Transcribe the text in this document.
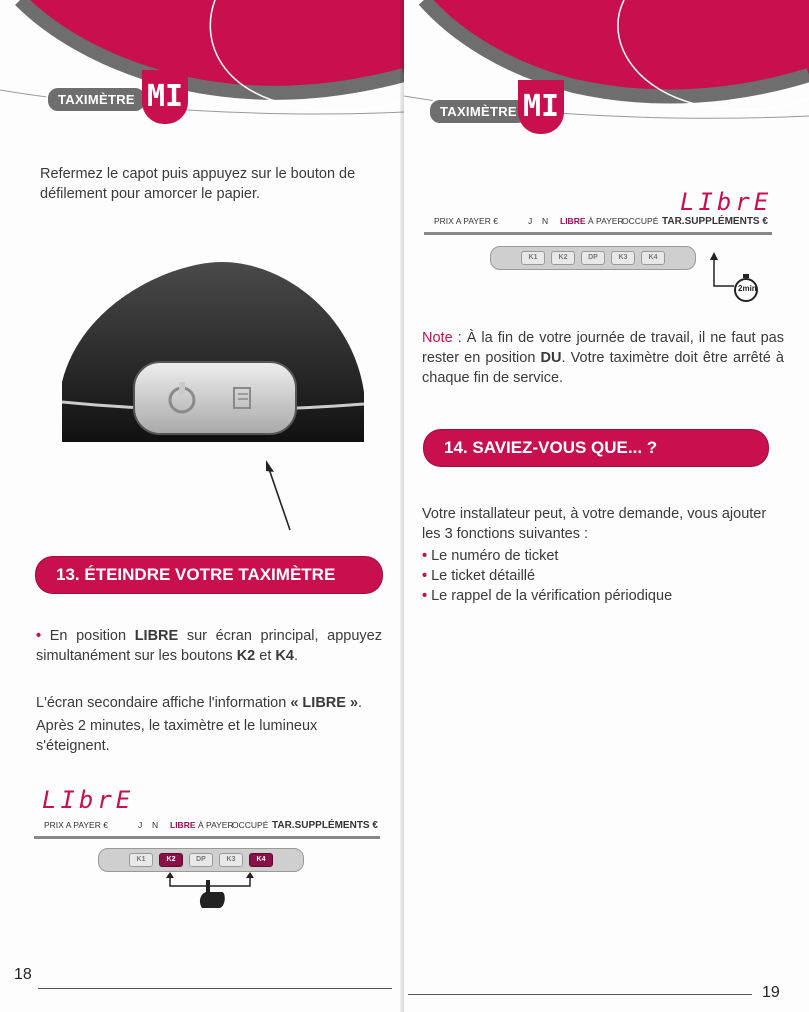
TAXIMÈTRE MI
Refermez le capot puis appuyez sur le bouton de défilement pour amorcer le papier.
13. ÉTEINDRE VOTRE TAXIMÈTRE
• En position LIBRE sur écran principal, appuyez simultanément sur les boutons K2 et K4.
L'écran secondaire affiche l'information « LIBRE ».
Après 2 minutes, le taximètre et le lumineux s'éteignent.
LIbrE
PRIX A PAYER €	J N LIBRE À PAYER
OCCUPÉ TAR.SUPPLÉMENTS €
K1	K2	DP	K3	K4
18
TAXIMÈTRE MI
LIbrE
PRIX A PAYER €	J N LIBRE À PAYER
OCCUPÉ TAR.SUPPLÉMENTS €
K1	K2	DP	K3	K4
2min
Note : À la fin de votre journée de travail, il ne faut pas rester en position DU. Votre taximètre doit être arrêté à chaque fin de service.
14. SAVIEZ-VOUS QUE... ?
Votre installateur peut, à votre demande, vous ajouter les 3 fonctions suivantes :
• Le numéro de ticket
• Le ticket détaillé
• Le rappel de la vérification périodique
19
